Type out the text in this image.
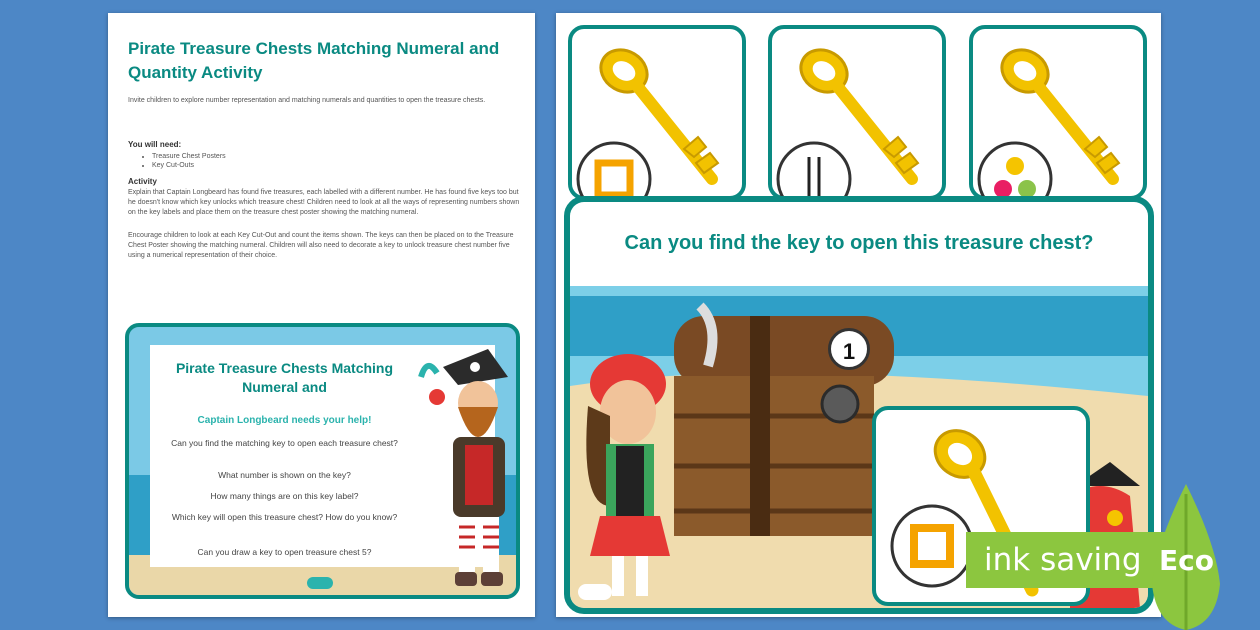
Pirate Treasure Chests Matching Numeral and Quantity Activity
Invite children to explore number representation and matching numerals and quantities to open the treasure chests.
You will need:
• Treasure Chest Posters
• Key Cut-Outs
Activity
Explain that Captain Longbeard has found five treasures, each labelled with a different number. He has found five keys too but he doesn't know which key unlocks which treasure chest! Children need to look at all the ways of representing numbers shown on the key labels and place them on the treasure chest poster showing the matching numeral.
Encourage children to look at each Key Cut-Out and count the items shown. The keys can then be placed on to the Treasure Chest Poster showing the matching numeral. Children will also need to decorate a key to unlock treasure chest number five using a numerical representation of their choice.
Pirate Treasure Chests Matching Numeral and
Captain Longbeard needs your help!
Can you find the matching key to open each treasure chest?
What number is shown on the key?
How many things are on this key label?
Which key will open this treasure chest? How do you know?
Can you draw a key to open treasure chest 5?
Can you find the key to open this treasure chest?
1
ink saving Eco
